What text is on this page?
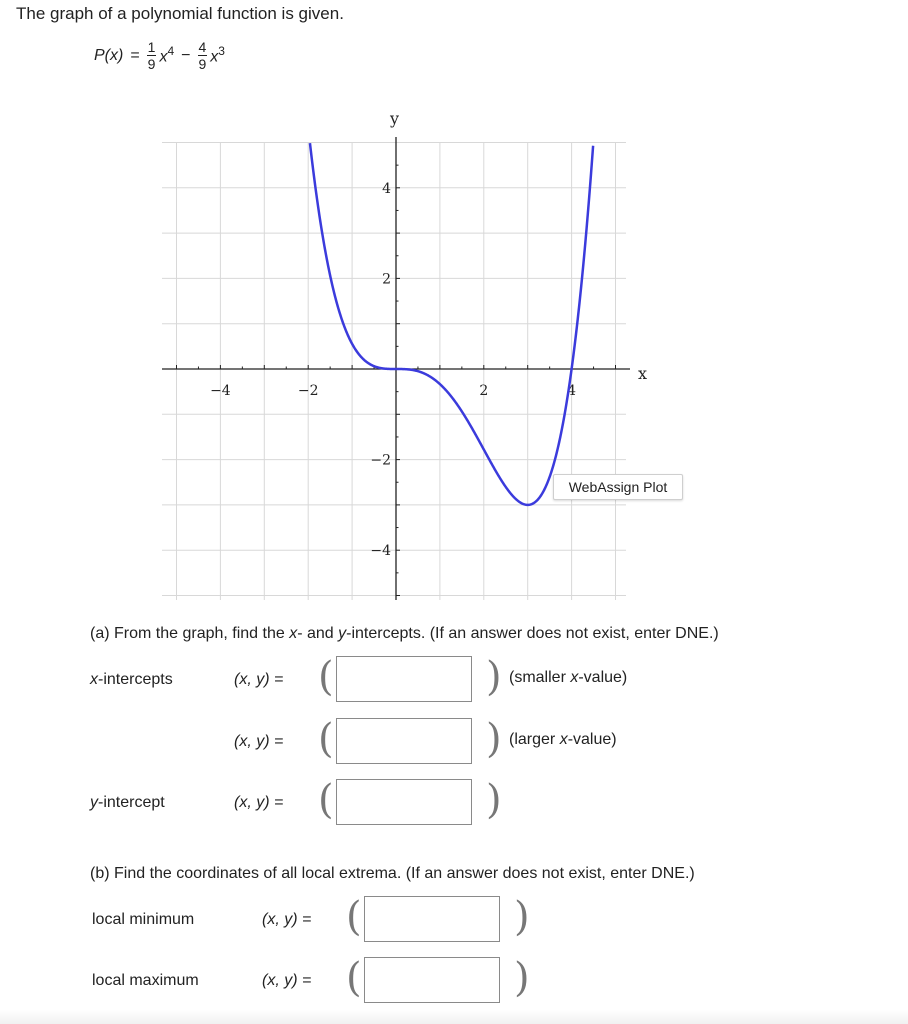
The graph of a polynomial function is given.
$P(x) = \frac{1}{9} x^4 - \frac{4}{9} x^3$
−4	−2	2	4
4
2
−2
−4
x
y
WebAssign Plot
(a) From the graph, find the x- and y-intercepts. (If an answer does not exist, enter DNE.)
x-intercepts	(x, y) = (	) (smaller x-value)
(x, y) = (	) (larger x-value)
y-intercept	(x, y) = (	)
(b) Find the coordinates of all local extrema. (If an answer does not exist, enter DNE.)
local minimum	(x, y) = (	)
local maximum	(x, y) = (	)
